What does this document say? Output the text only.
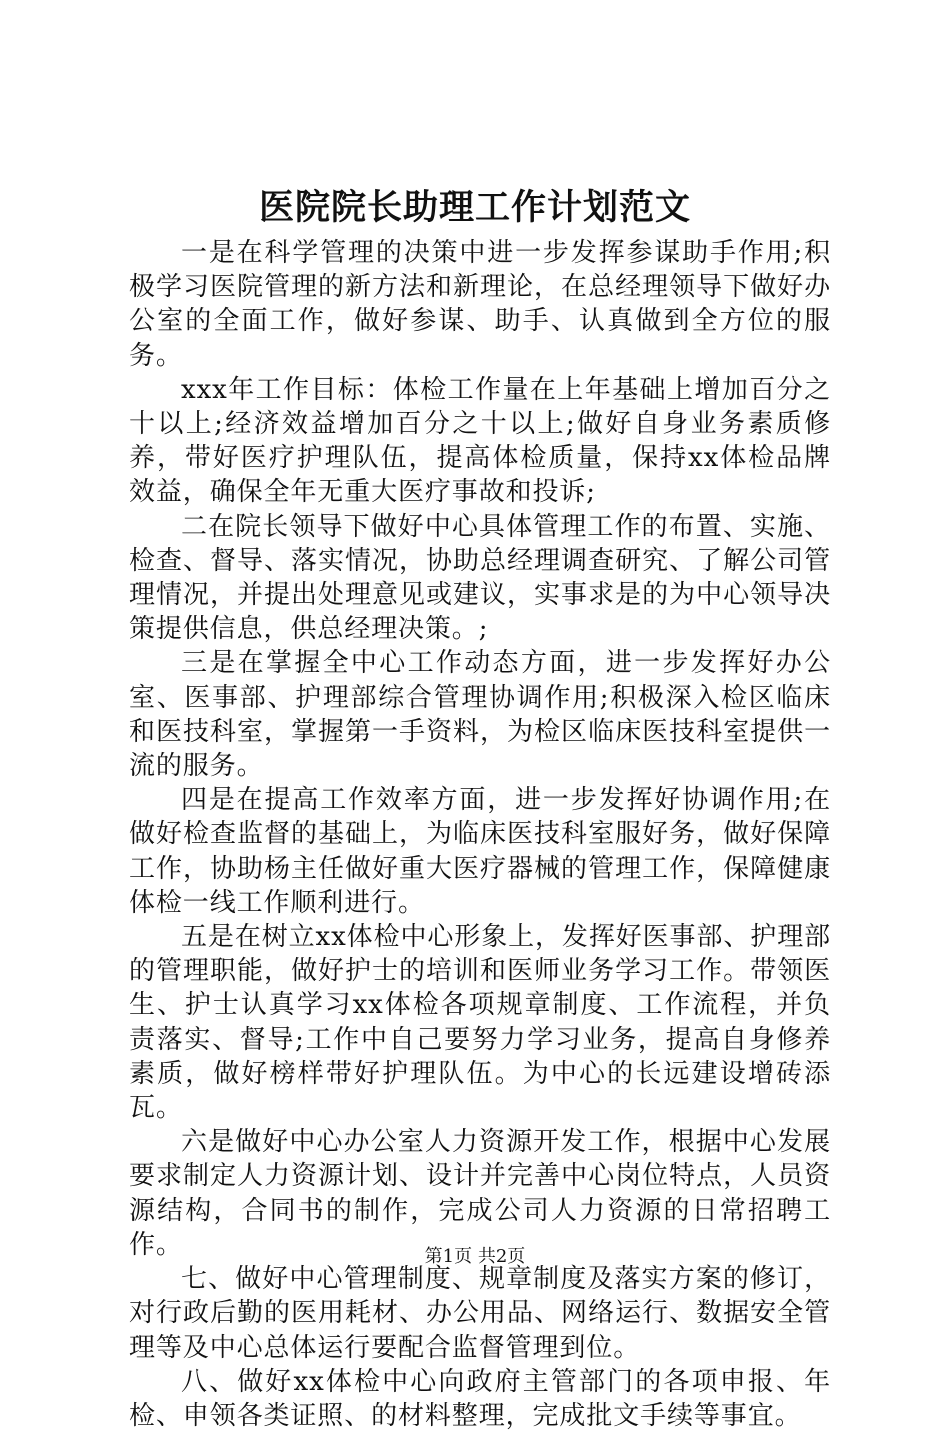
医院院长助理工作计划范文

一是在科学管理的决策中进一步发挥参谋助手作用;积极学习医院管理的新方法和新理论，在总经理领导下做好办公室的全面工作，做好参谋、助手、认真做到全方位的服务。

xxx年工作目标：体检工作量在上年基础上增加百分之十以上;经济效益增加百分之十以上;做好自身业务素质修养，带好医疗护理队伍，提高体检质量，保持xx体检品牌效益，确保全年无重大医疗事故和投诉;

二在院长领导下做好中心具体管理工作的布置、实施、检查、督导、落实情况，协助总经理调查研究、了解公司管理情况，并提出处理意见或建议，实事求是的为中心领导决策提供信息，供总经理决策。;

三是在掌握全中心工作动态方面，进一步发挥好办公室、医事部、护理部综合管理协调作用;积极深入检区临床和医技科室，掌握第一手资料，为检区临床医技科室提供一流的服务。

四是在提高工作效率方面，进一步发挥好协调作用;在做好检查监督的基础上，为临床医技科室服好务，做好保障工作，协助杨主任做好重大医疗器械的管理工作，保障健康体检一线工作顺利进行。

五是在树立xx体检中心形象上，发挥好医事部、护理部的管理职能，做好护士的培训和医师业务学习工作。带领医生、护士认真学习xx体检各项规章制度、工作流程，并负责落实、督导;工作中自己要努力学习业务，提高自身修养素质，做好榜样带好护理队伍。为中心的长远建设增砖添瓦。

六是做好中心办公室人力资源开发工作，根据中心发展要求制定人力资源计划、设计并完善中心岗位特点，人员资源结构，合同书的制作，完成公司人力资源的日常招聘工作。

七、做好中心管理制度、规章制度及落实方案的修订，对行政后勤的医用耗材、办公用品、网络运行、数据安全管理等及中心总体运行要配合监督管理到位。

八、做好xx体检中心向政府主管部门的各项申报、年检、申领各类证照、的材料整理，完成批文手续等事宜。

第1页 共2页
